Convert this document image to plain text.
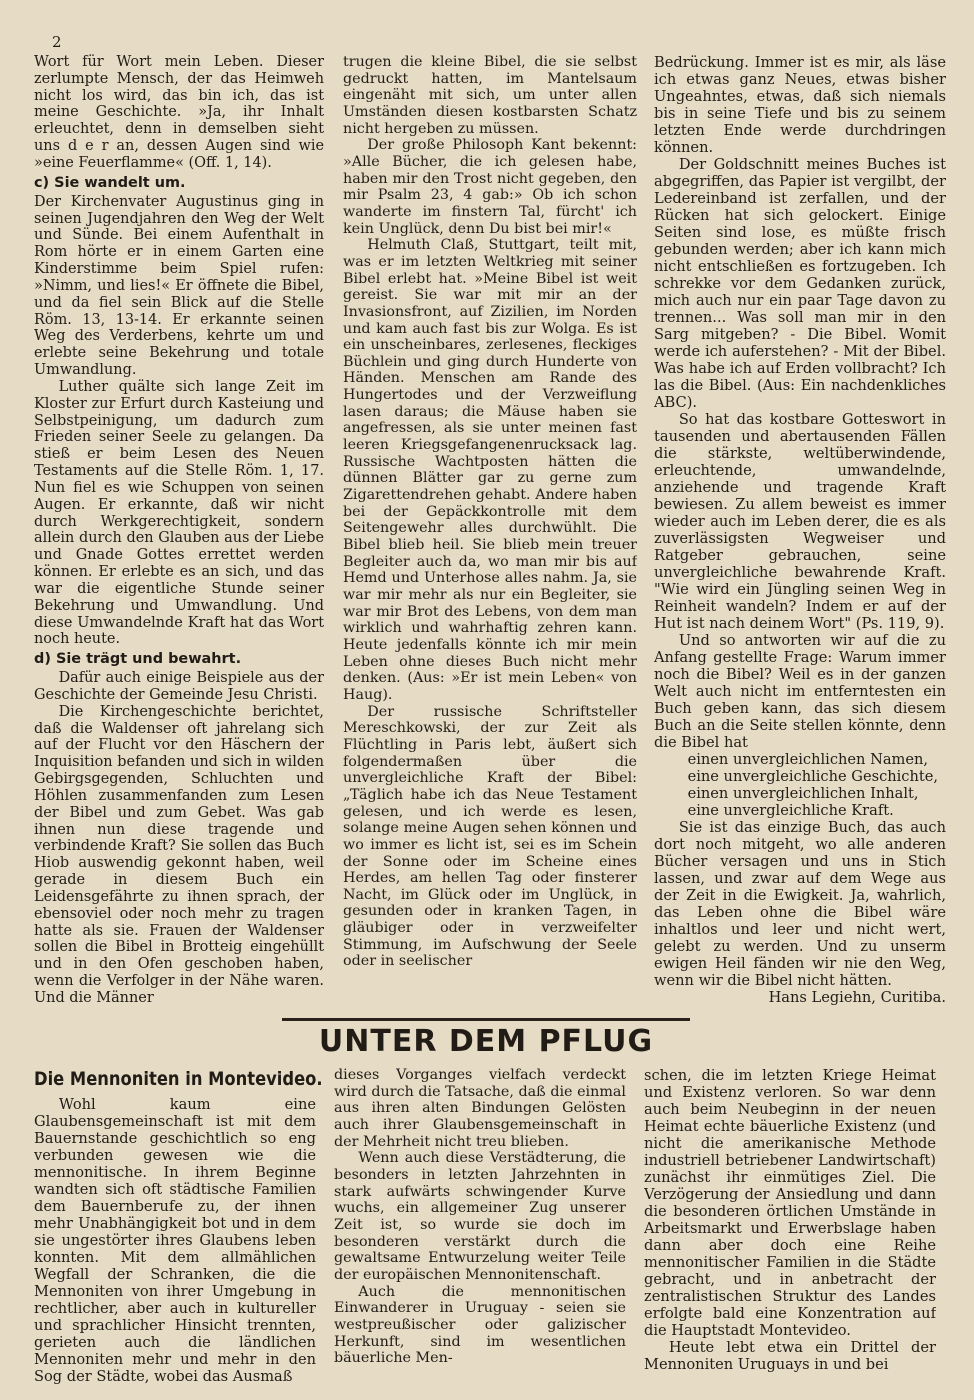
2

Wort für Wort mein Leben. Dieser zerlumpte Mensch, der das Heimweh nicht los wird, das bin ich, das ist meine Geschichte. »Ja, ihr Inhalt erleuchtet, denn in demselben sieht uns d e r an, dessen Augen sind wie »eine Feuerflamme« (Off. 1, 14).

c) Sie wandelt um.

Der Kirchenvater Augustinus ging in seinen Jugendjahren den Weg der Welt und Sünde. Bei einem Aufenthalt in Rom hörte er in einem Garten eine Kinderstimme beim Spiel rufen: »Nimm, und lies!« Er öffnete die Bibel, und da fiel sein Blick auf die Stelle Röm. 13, 13-14. Er erkannte seinen Weg des Verderbens, kehrte um und erlebte seine Bekehrung und totale Umwandlung.

Luther quälte sich lange Zeit im Kloster zur Erfurt durch Kasteiung und Selbstpeinigung, um dadurch zum Frieden seiner Seele zu gelangen. Da stieß er beim Lesen des Neuen Testaments auf die Stelle Röm. 1, 17. Nun fiel es wie Schuppen von seinen Augen. Er erkannte, daß wir nicht durch Werkgerechtigkeit, sondern allein durch den Glauben aus der Liebe und Gnade Gottes errettet werden können. Er erlebte es an sich, und das war die eigentliche Stunde seiner Bekehrung und Umwandlung. Und diese Umwandelnde Kraft hat das Wort noch heute.

d) Sie trägt und bewahrt.

Dafür auch einige Beispiele aus der Geschichte der Gemeinde Jesu Christi.

Die Kirchengeschichte berichtet, daß die Waldenser oft jahrelang sich auf der Flucht vor den Häschern der Inquisition befanden und sich in wilden Gebirgsgegenden, Schluchten und Höhlen zusammenfanden zum Lesen der Bibel und zum Gebet. Was gab ihnen nun diese tragende und verbindende Kraft? Sie sollen das Buch Hiob auswendig gekonnt haben, weil gerade in diesem Buch ein Leidensgefährte zu ihnen sprach, der ebensoviel oder noch mehr zu tragen hatte als sie. Frauen der Waldenser sollen die Bibel in Brotteig eingehüllt und in den Ofen geschoben haben, wenn die Verfolger in der Nähe waren. Und die Männer

trugen die kleine Bibel, die sie selbst gedruckt hatten, im Mantelsaum eingenäht mit sich, um unter allen Umständen diesen kostbarsten Schatz nicht hergeben zu müssen.

Der große Philosoph Kant bekennt: »Alle Bücher, die ich gelesen habe, haben mir den Trost nicht gegeben, den mir Psalm 23, 4 gab:» Ob ich schon wanderte im finstern Tal, fürcht' ich kein Unglück, denn Du bist bei mir!«

Helmuth Claß, Stuttgart, teilt mit, was er im letzten Weltkrieg mit seiner Bibel erlebt hat. »Meine Bibel ist weit gereist. Sie war mit mir an der Invasionsfront, auf Zizilien, im Norden und kam auch fast bis zur Wolga. Es ist ein unscheinbares, zerlesenes, fleckiges Büchlein und ging durch Hunderte von Händen. Menschen am Rande des Hungertodes und der Verzweiflung lasen daraus; die Mäuse haben sie angefressen, als sie unter meinen fast leeren Kriegsgefangenenrucksack lag. Russische Wachtposten hätten die dünnen Blätter gar zu gerne zum Zigarettendrehen gehabt. Andere haben bei der Gepäckkontrolle mit dem Seitengewehr alles durchwühlt. Die Bibel blieb heil. Sie blieb mein treuer Begleiter auch da, wo man mir bis auf Hemd und Unterhose alles nahm. Ja, sie war mir mehr als nur ein Begleiter, sie war mir Brot des Lebens, von dem man wirklich und wahrhaftig zehren kann. Heute jedenfalls könnte ich mir mein Leben ohne dieses Buch nicht mehr denken. (Aus: »Er ist mein Leben« von Haug).

Der russische Schriftsteller Mereschkowski, der zur Zeit als Flüchtling in Paris lebt, äußert sich folgendermaßen über die unvergleichliche Kraft der Bibel: „Täglich habe ich das Neue Testament gelesen, und ich werde es lesen, solange meine Augen sehen können und wo immer es licht ist, sei es im Schein der Sonne oder im Scheine eines Herdes, am hellen Tag oder finsterer Nacht, im Glück oder im Unglück, in gesunden oder in kranken Tagen, in gläubiger oder in verzweifelter Stimmung, im Aufschwung der Seele oder in seelischer

Bedrückung. Immer ist es mir, als läse ich etwas ganz Neues, etwas bisher Ungeahntes, etwas, daß sich niemals bis in seine Tiefe und bis zu seinem letzten Ende werde durchdringen können.

Der Goldschnitt meines Buches ist abgegriffen, das Papier ist vergilbt, der Ledereinband ist zerfallen, und der Rücken hat sich gelockert. Einige Seiten sind lose, es müßte frisch gebunden werden; aber ich kann mich nicht entschließen es fortzugeben. Ich schrekke vor dem Gedanken zurück, mich auch nur ein paar Tage davon zu trennen... Was soll man mir in den Sarg mitgeben? - Die Bibel. Womit werde ich auferstehen? - Mit der Bibel. Was habe ich auf Erden vollbracht? Ich las die Bibel. (Aus: Ein nachdenkliches ABC).

So hat das kostbare Gotteswort in tausenden und abertausenden Fällen die stärkste, weltüberwindende, erleuchtende, umwandelnde, anziehende und tragende Kraft bewiesen. Zu allem beweist es immer wieder auch im Leben derer, die es als zuverlässigsten Wegweiser und Ratgeber gebrauchen, seine unvergleichliche bewahrende Kraft. "Wie wird ein Jüngling seinen Weg in Reinheit wandeln? Indem er auf der Hut ist nach deinem Wort" (Ps. 119, 9).

Und so antworten wir auf die zu Anfang gestellte Frage: Warum immer noch die Bibel? Weil es in der ganzen Welt auch nicht im entferntesten ein Buch geben kann, das sich diesem Buch an die Seite stellen könnte, denn die Bibel hat

einen unvergleichlichen Namen,

eine unvergleichliche Geschichte,

einen unvergleichlichen Inhalt,

eine unvergleichliche Kraft.

Sie ist das einzige Buch, das auch dort noch mitgeht, wo alle anderen Bücher versagen und uns in Stich lassen, und zwar auf dem Wege aus der Zeit in die Ewigkeit. Ja, wahrlich, das Leben ohne die Bibel wäre inhaltlos und leer und nicht wert, gelebt zu werden. Und zu unserm ewigen Heil fänden wir nie den Weg, wenn wir die Bibel nicht hätten.

Hans Legiehn, Curitiba.

UNTER DEM PFLUG
Die Mennoniten in Montevideo.

Wohl kaum eine Glaubensgemeinschaft ist mit dem Bauernstande geschichtlich so eng verbunden gewesen wie die mennonitische. In ihrem Beginne wandten sich oft städtische Familien dem Bauernberufe zu, der ihnen mehr Unabhängigkeit bot und in dem sie ungestörter ihres Glaubens leben konnten. Mit dem allmählichen Wegfall der Schranken, die die Mennoniten von ihrer Umgebung in rechtlicher, aber auch in kultureller und sprachlicher Hinsicht trennten, gerieten auch die ländlichen Mennoniten mehr und mehr in den Sog der Städte, wobei das Ausmaß

dieses Vorganges vielfach verdeckt wird durch die Tatsache, daß die einmal aus ihren alten Bindungen Gelösten auch ihrer Glaubensgemeinschaft in der Mehrheit nicht treu blieben.

Wenn auch diese Verstädterung, die besonders in letzten Jahrzehnten in stark aufwärts schwingender Kurve wuchs, ein allgemeiner Zug unserer Zeit ist, so wurde sie doch im besonderen verstärkt durch die gewaltsame Entwurzelung weiter Teile der europäischen Mennonitenschaft.

Auch die mennonitischen Einwanderer in Uruguay - seien sie westpreußischer oder galizischer Herkunft, sind im wesentlichen bäuerliche Men-

schen, die im letzten Kriege Heimat und Existenz verloren. So war denn auch beim Neubeginn in der neuen Heimat echte bäuerliche Existenz (und nicht die amerikanische Methode industriell betriebener Landwirtschaft) zunächst ihr einmütiges Ziel. Die Verzögerung der Ansiedlung und dann die besonderen örtlichen Umstände in Arbeitsmarkt und Erwerbslage haben dann aber doch eine Reihe mennonitischer Familien in die Städte gebracht, und in anbetracht der zentralistischen Struktur des Landes erfolgte bald eine Konzentration auf die Hauptstadt Montevideo.

Heute lebt etwa ein Drittel der Mennoniten Uruguays in und bei
